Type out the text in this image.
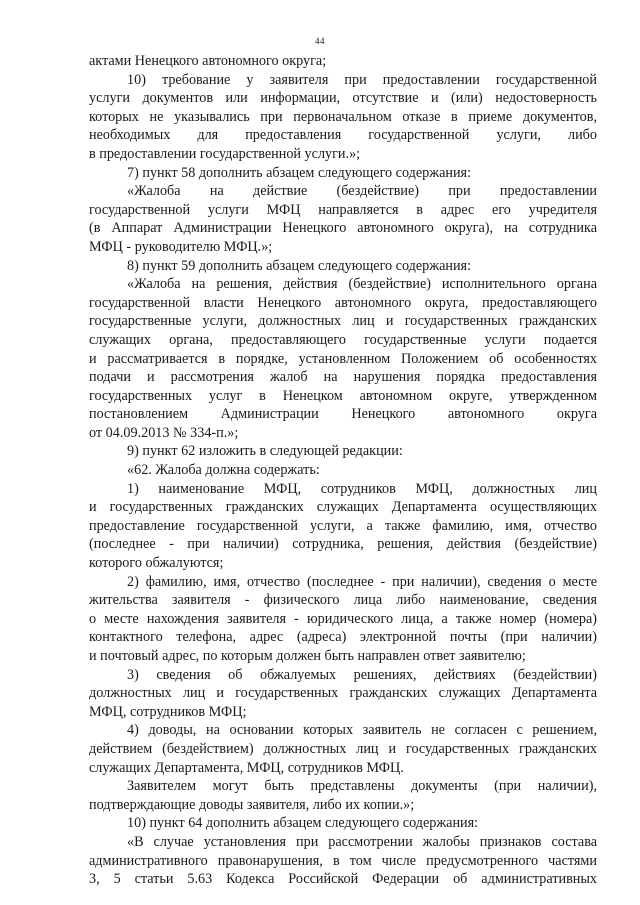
44
актами Ненецкого автономного округа;
10) требование у заявителя при предоставлении государственной
услуги документов или информации, отсутствие и (или) недостоверность
которых не указывались при первоначальном отказе в приеме документов,
необходимых для предоставления государственной услуги, либо
в предоставлении государственной услуги.»;
7) пункт 58 дополнить абзацем следующего содержания:
«Жалоба на действие (бездействие) при предоставлении
государственной услуги МФЦ направляется в адрес его учредителя
(в Аппарат Администрации Ненецкого автономного округа), на сотрудника
МФЦ - руководителю МФЦ.»;
8) пункт 59 дополнить абзацем следующего содержания:
«Жалоба на решения, действия (бездействие) исполнительного органа
государственной власти Ненецкого автономного округа, предоставляющего
государственные услуги, должностных лиц и государственных гражданских
служащих органа, предоставляющего государственные услуги подается
и рассматривается в порядке, установленном Положением об особенностях
подачи и рассмотрения жалоб на нарушения порядка предоставления
государственных услуг в Ненецком автономном округе, утвержденном
постановлением Администрации Ненецкого автономного округа
от 04.09.2013 № 334-п.»;
9) пункт 62 изложить в следующей редакции:
«62. Жалоба должна содержать:
1) наименование МФЦ, сотрудников МФЦ, должностных лиц
и государственных гражданских служащих Департамента осуществляющих
предоставление государственной услуги, а также фамилию, имя, отчество
(последнее - при наличии) сотрудника, решения, действия (бездействие)
которого обжалуются;
2) фамилию, имя, отчество (последнее - при наличии), сведения о месте
жительства заявителя - физического лица либо наименование, сведения
о месте нахождения заявителя - юридического лица, а также номер (номера)
контактного телефона, адрес (адреса) электронной почты (при наличии)
и почтовый адрес, по которым должен быть направлен ответ заявителю;
3) сведения об обжалуемых решениях, действиях (бездействии)
должностных лиц и государственных гражданских служащих Департамента
МФЦ, сотрудников МФЦ;
4) доводы, на основании которых заявитель не согласен с решением,
действием (бездействием) должностных лиц и государственных гражданских
служащих Департамента, МФЦ, сотрудников МФЦ.
Заявителем могут быть представлены документы (при наличии),
подтверждающие доводы заявителя, либо их копии.»;
10) пункт 64 дополнить абзацем следующего содержания:
«В случае установления при рассмотрении жалобы признаков состава
административного правонарушения, в том числе предусмотренного частями
3, 5 статьи 5.63 Кодекса Российской Федерации об административных
